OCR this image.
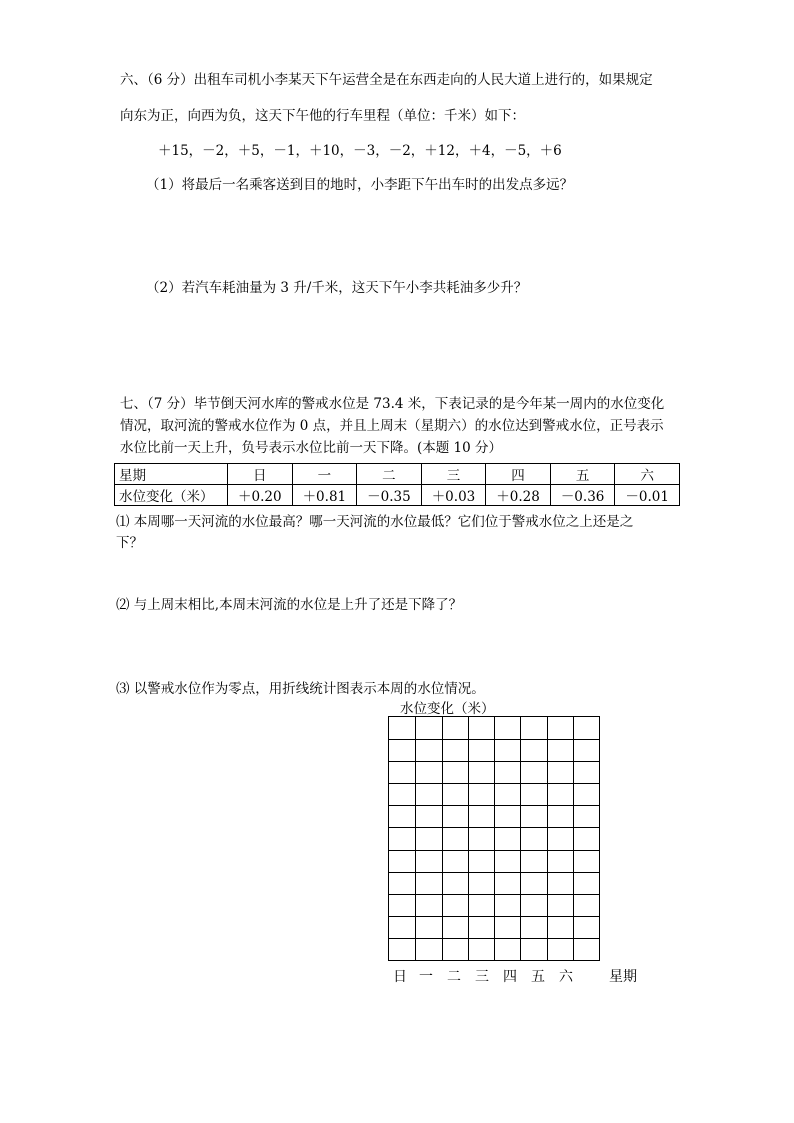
六、（6 分）出租车司机小李某天下午运营全是在东西走向的人民大道上进行的，如果规定
向东为正，向西为负，这天下午他的行车里程（单位：千米）如下：
＋15，－2，＋5，－1，＋10，－3，－2，＋12，＋4，－5，＋6
（1）将最后一名乘客送到目的地时，小李距下午出车时的出发点多远？
（2）若汽车耗油量为 3 升/千米，这天下午小李共耗油多少升？
七、（7 分）毕节倒天河水库的警戒水位是 73.4 米，下表记录的是今年某一周内的水位变化
情况，取河流的警戒水位作为 0 点，并且上周末（星期六）的水位达到警戒水位，正号表示
水位比前一天上升，负号表示水位比前一天下降。(本题 10 分）
星期	日	一	二	三	四	五	六
水位变化（米）	＋0.20	＋0.81	－0.35	＋0.03	＋0.28	－0.36	－0.01
⑴ 本周哪一天河流的水位最高？哪一天河流的水位最低？它们位于警戒水位之上还是之
下？
⑵ 与上周末相比,本周末河流的水位是上升了还是下降了？
⑶ 以警戒水位作为零点，用折线统计图表示本周的水位情况。
水位变化（米）
日 一 二 三 四 五 六	星期
